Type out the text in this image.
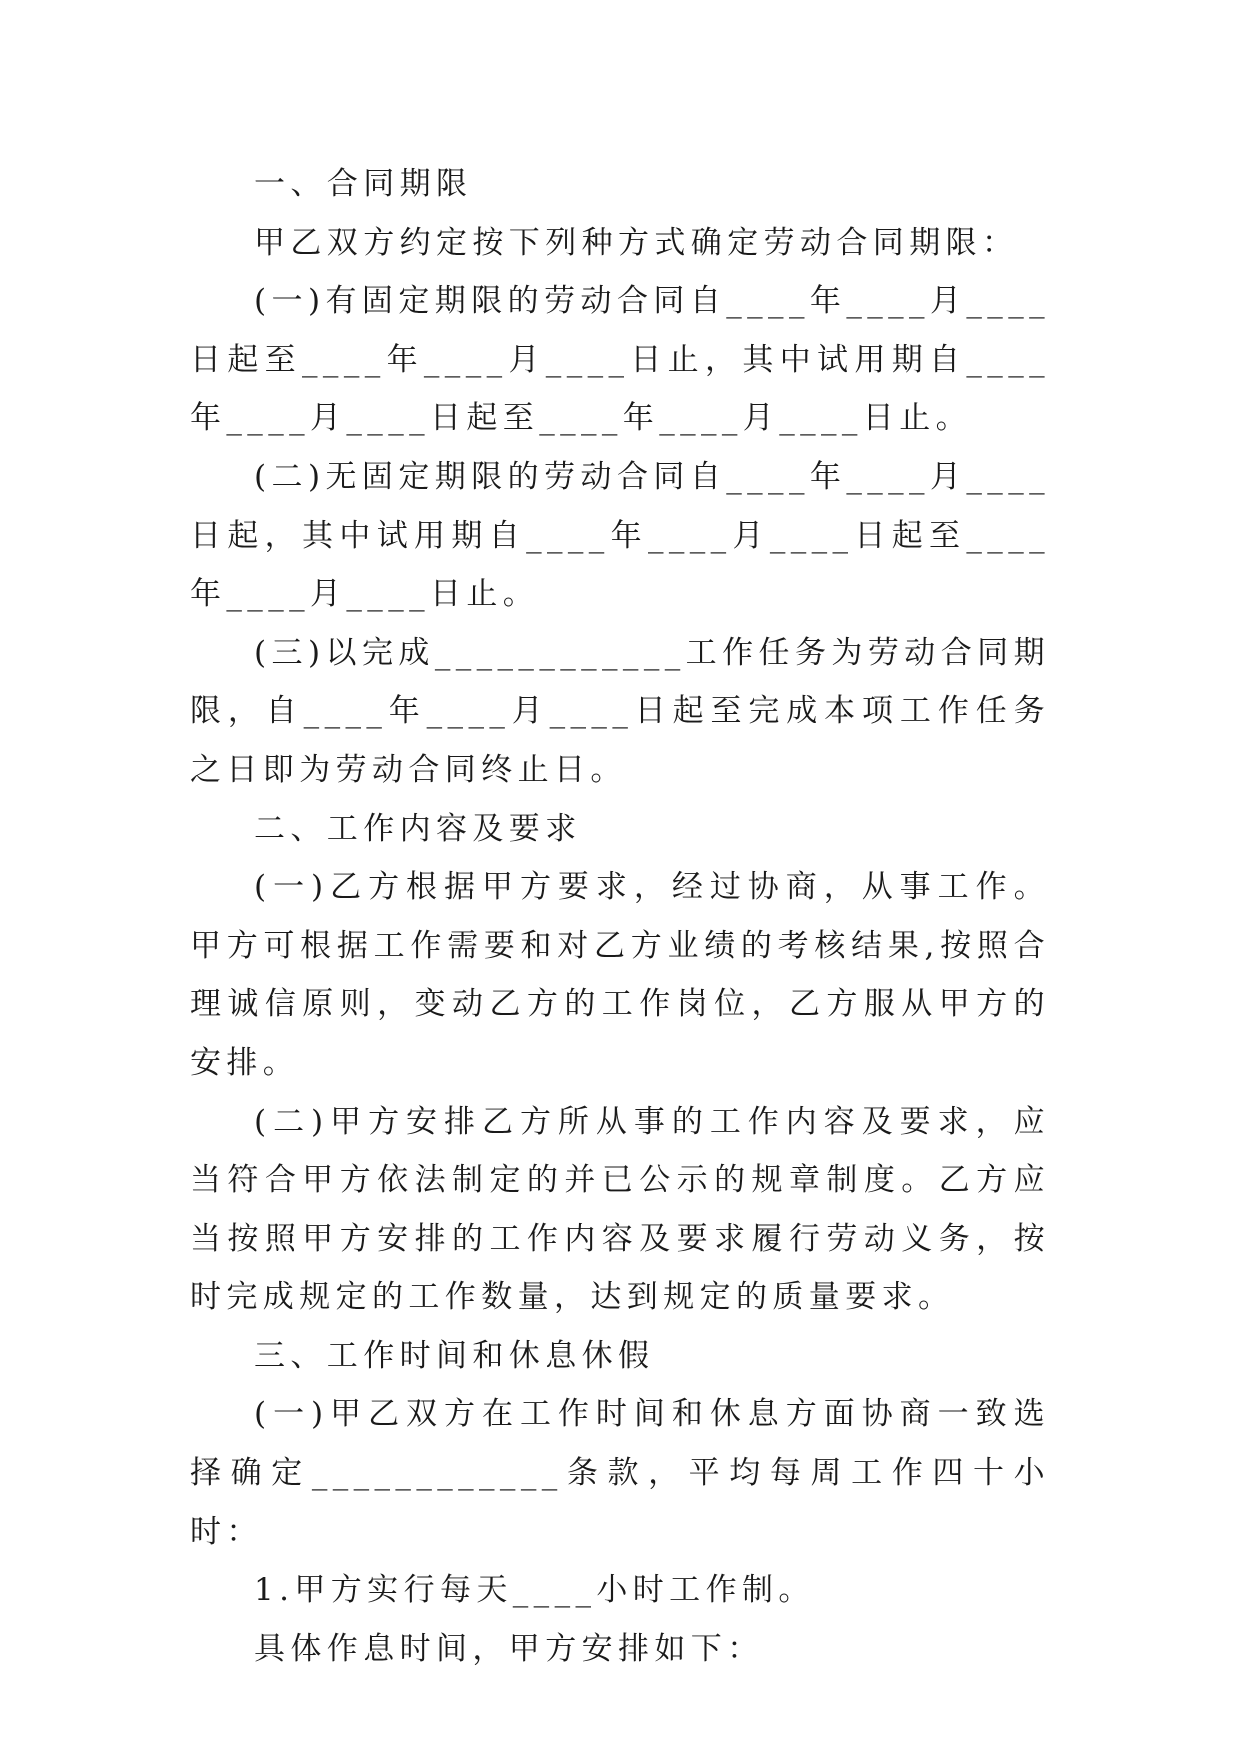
一、合同期限

甲乙双方约定按下列种方式确定劳动合同期限：

(一)有固定期限的劳动合同自____年____月____日起至____年____月____日止，其中试用期自____年____月____日起至____年____月____日止。

(二)无固定期限的劳动合同自____年____月____日起，其中试用期自____年____月____日起至____年____月____日止。

(三)以完成____________工作任务为劳动合同期限，自____年____月____日起至完成本项工作任务之日即为劳动合同终止日。

二、工作内容及要求

(一)乙方根据甲方要求，经过协商，从事工作。甲方可根据工作需要和对乙方业绩的考核结果,按照合理诚信原则，变动乙方的工作岗位，乙方服从甲方的安排。

(二)甲方安排乙方所从事的工作内容及要求，应当符合甲方依法制定的并已公示的规章制度。乙方应当按照甲方安排的工作内容及要求履行劳动义务，按时完成规定的工作数量，达到规定的质量要求。

三、工作时间和休息休假

(一)甲乙双方在工作时间和休息方面协商一致选择确定____________条款，平均每周工作四十小时：

1.甲方实行每天____小时工作制。

具体作息时间，甲方安排如下：
